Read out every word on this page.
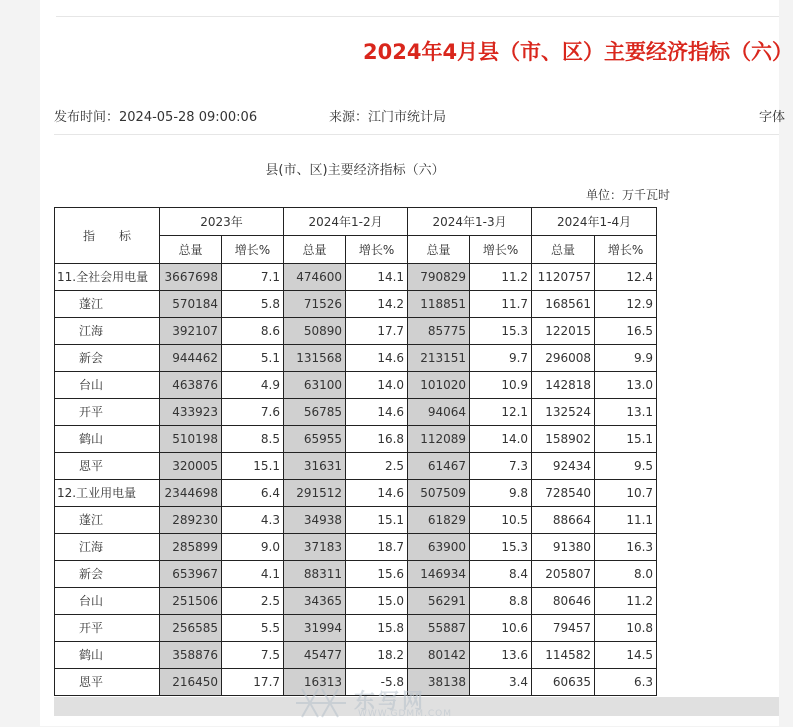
2024年4月县（市、区）主要经济指标（六）
发布时间：2024-05-28 09:00:06	来源：江门市统计局	字体
县(市、区)主要经济指标（六）
单位：万千瓦时
指　　标	2023年		2024年1-2月		2024年1-3月		2024年1-4月	
	总量	增长%	总量	增长%	总量	增长%	总量	增长%
11.全社会用电量	3667698	7.1	474600	14.1	790829	11.2	1120757	12.4
蓬江	570184	5.8	71526	14.2	118851	11.7	168561	12.9
江海	392107	8.6	50890	17.7	85775	15.3	122015	16.5
新会	944462	5.1	131568	14.6	213151	9.7	296008	9.9
台山	463876	4.9	63100	14.0	101020	10.9	142818	13.0
开平	433923	7.6	56785	14.6	94064	12.1	132524	13.1
鹤山	510198	8.5	65955	16.8	112089	14.0	158902	15.1
恩平	320005	15.1	31631	2.5	61467	7.3	92434	9.5
12.工业用电量	2344698	6.4	291512	14.6	507509	9.8	728540	10.7
蓬江	289230	4.3	34938	15.1	61829	10.5	88664	11.1
江海	285899	9.0	37183	18.7	63900	15.3	91380	16.3
新会	653967	4.1	88311	15.6	146934	8.4	205807	8.0
台山	251506	2.5	34365	15.0	56291	8.8	80646	11.2
开平	256585	5.5	31994	15.8	55887	10.6	79457	10.8
鹤山	358876	7.5	45477	18.2	80142	13.6	114582	14.5
恩平	216450	17.7	16313	-5.8	38138	3.4	60635	6.3
东写网
WWW.GDMM.COM
